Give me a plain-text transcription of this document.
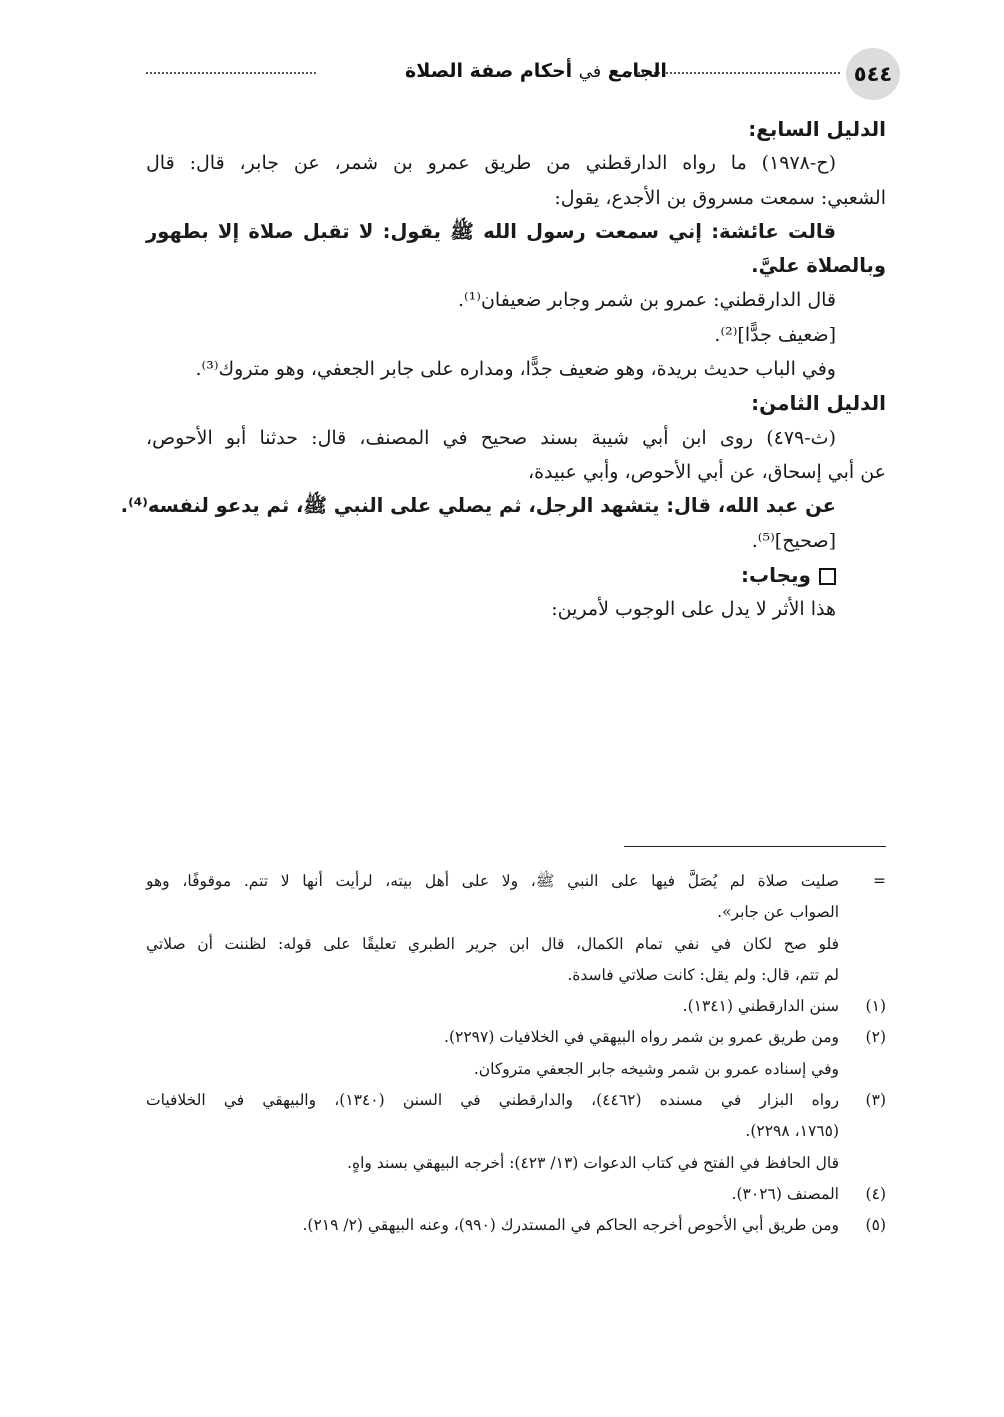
٥٤٤
الجامع في أحكام صفة الصلاة
الدليل السابع:
(ح-١٩٧٨) ما رواه الدارقطني من طريق عمرو بن شمر، عن جابر، قال: قال
الشعبي: سمعت مسروق بن الأجدع، يقول:
قالت عائشة: إني سمعت رسول الله ﷺ يقول: لا تقبل صلاة إلا بطهور
وبالصلاة عليَّ.
قال الدارقطني: عمرو بن شمر وجابر ضعيفان⁽¹⁾.
[ضعيف جدًّا]⁽²⁾.
وفي الباب حديث بريدة، وهو ضعيف جدًّا، ومداره على جابر الجعفي، وهو متروك⁽³⁾.
الدليل الثامن:
(ث-٤٧٩) روى ابن أبي شيبة بسند صحيح في المصنف، قال: حدثنا أبو الأحوص،
عن أبي إسحاق، عن أبي الأحوص، وأبي عبيدة،
عن عبد الله، قال: يتشهد الرجل، ثم يصلي على النبي ﷺ، ثم يدعو لنفسه⁽⁴⁾.
[صحيح]⁽⁵⁾.
ويجاب:
هذا الأثر لا يدل على الوجوب لأمرين:
=
صليت صلاة لم يُصَلَّ فيها على النبي ﷺ، ولا على أهل بيته، لرأيت أنها لا تتم. موقوفًا، وهو
الصواب عن جابر».
فلو صح لكان في نفي تمام الكمال، قال ابن جرير الطبري تعليقًا على قوله: لظننت أن صلاتي
لم تتم، قال: ولم يقل: كانت صلاتي فاسدة.
(١)
سنن الدارقطني (١٣٤١).
(٢)
ومن طريق عمرو بن شمر رواه البيهقي في الخلافيات (٢٢٩٧).
وفي إسناده عمرو بن شمر وشيخه جابر الجعفي متروكان.
(٣)
رواه البزار في مسنده (٤٤٦٢)، والدارقطني في السنن (١٣٤٠)، والبيهقي في الخلافيات
(١٧٦٥، ٢٢٩٨).
قال الحافظ في الفتح في كتاب الدعوات (١٣/ ٤٢٣): أخرجه البيهقي بسند واهٍ.
(٤)
المصنف (٣٠٢٦).
(٥)
ومن طريق أبي الأحوص أخرجه الحاكم في المستدرك (٩٩٠)، وعنه البيهقي (٢/ ٢١٩).
